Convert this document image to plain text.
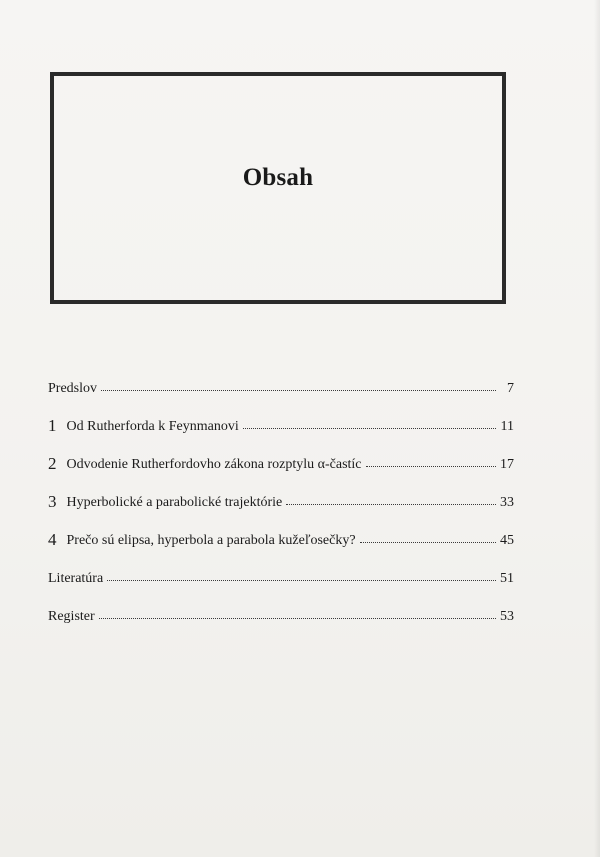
Obsah
Predslov	7
1 Od Rutherforda k Feynmanovi	11
2 Odvodenie Rutherfordovho zákona rozptylu α-častíc	17
3 Hyperbolické a parabolické trajektórie	33
4 Prečo sú elipsa, hyperbola a parabola kužeľosečky?	45
Literatúra	51
Register	53
